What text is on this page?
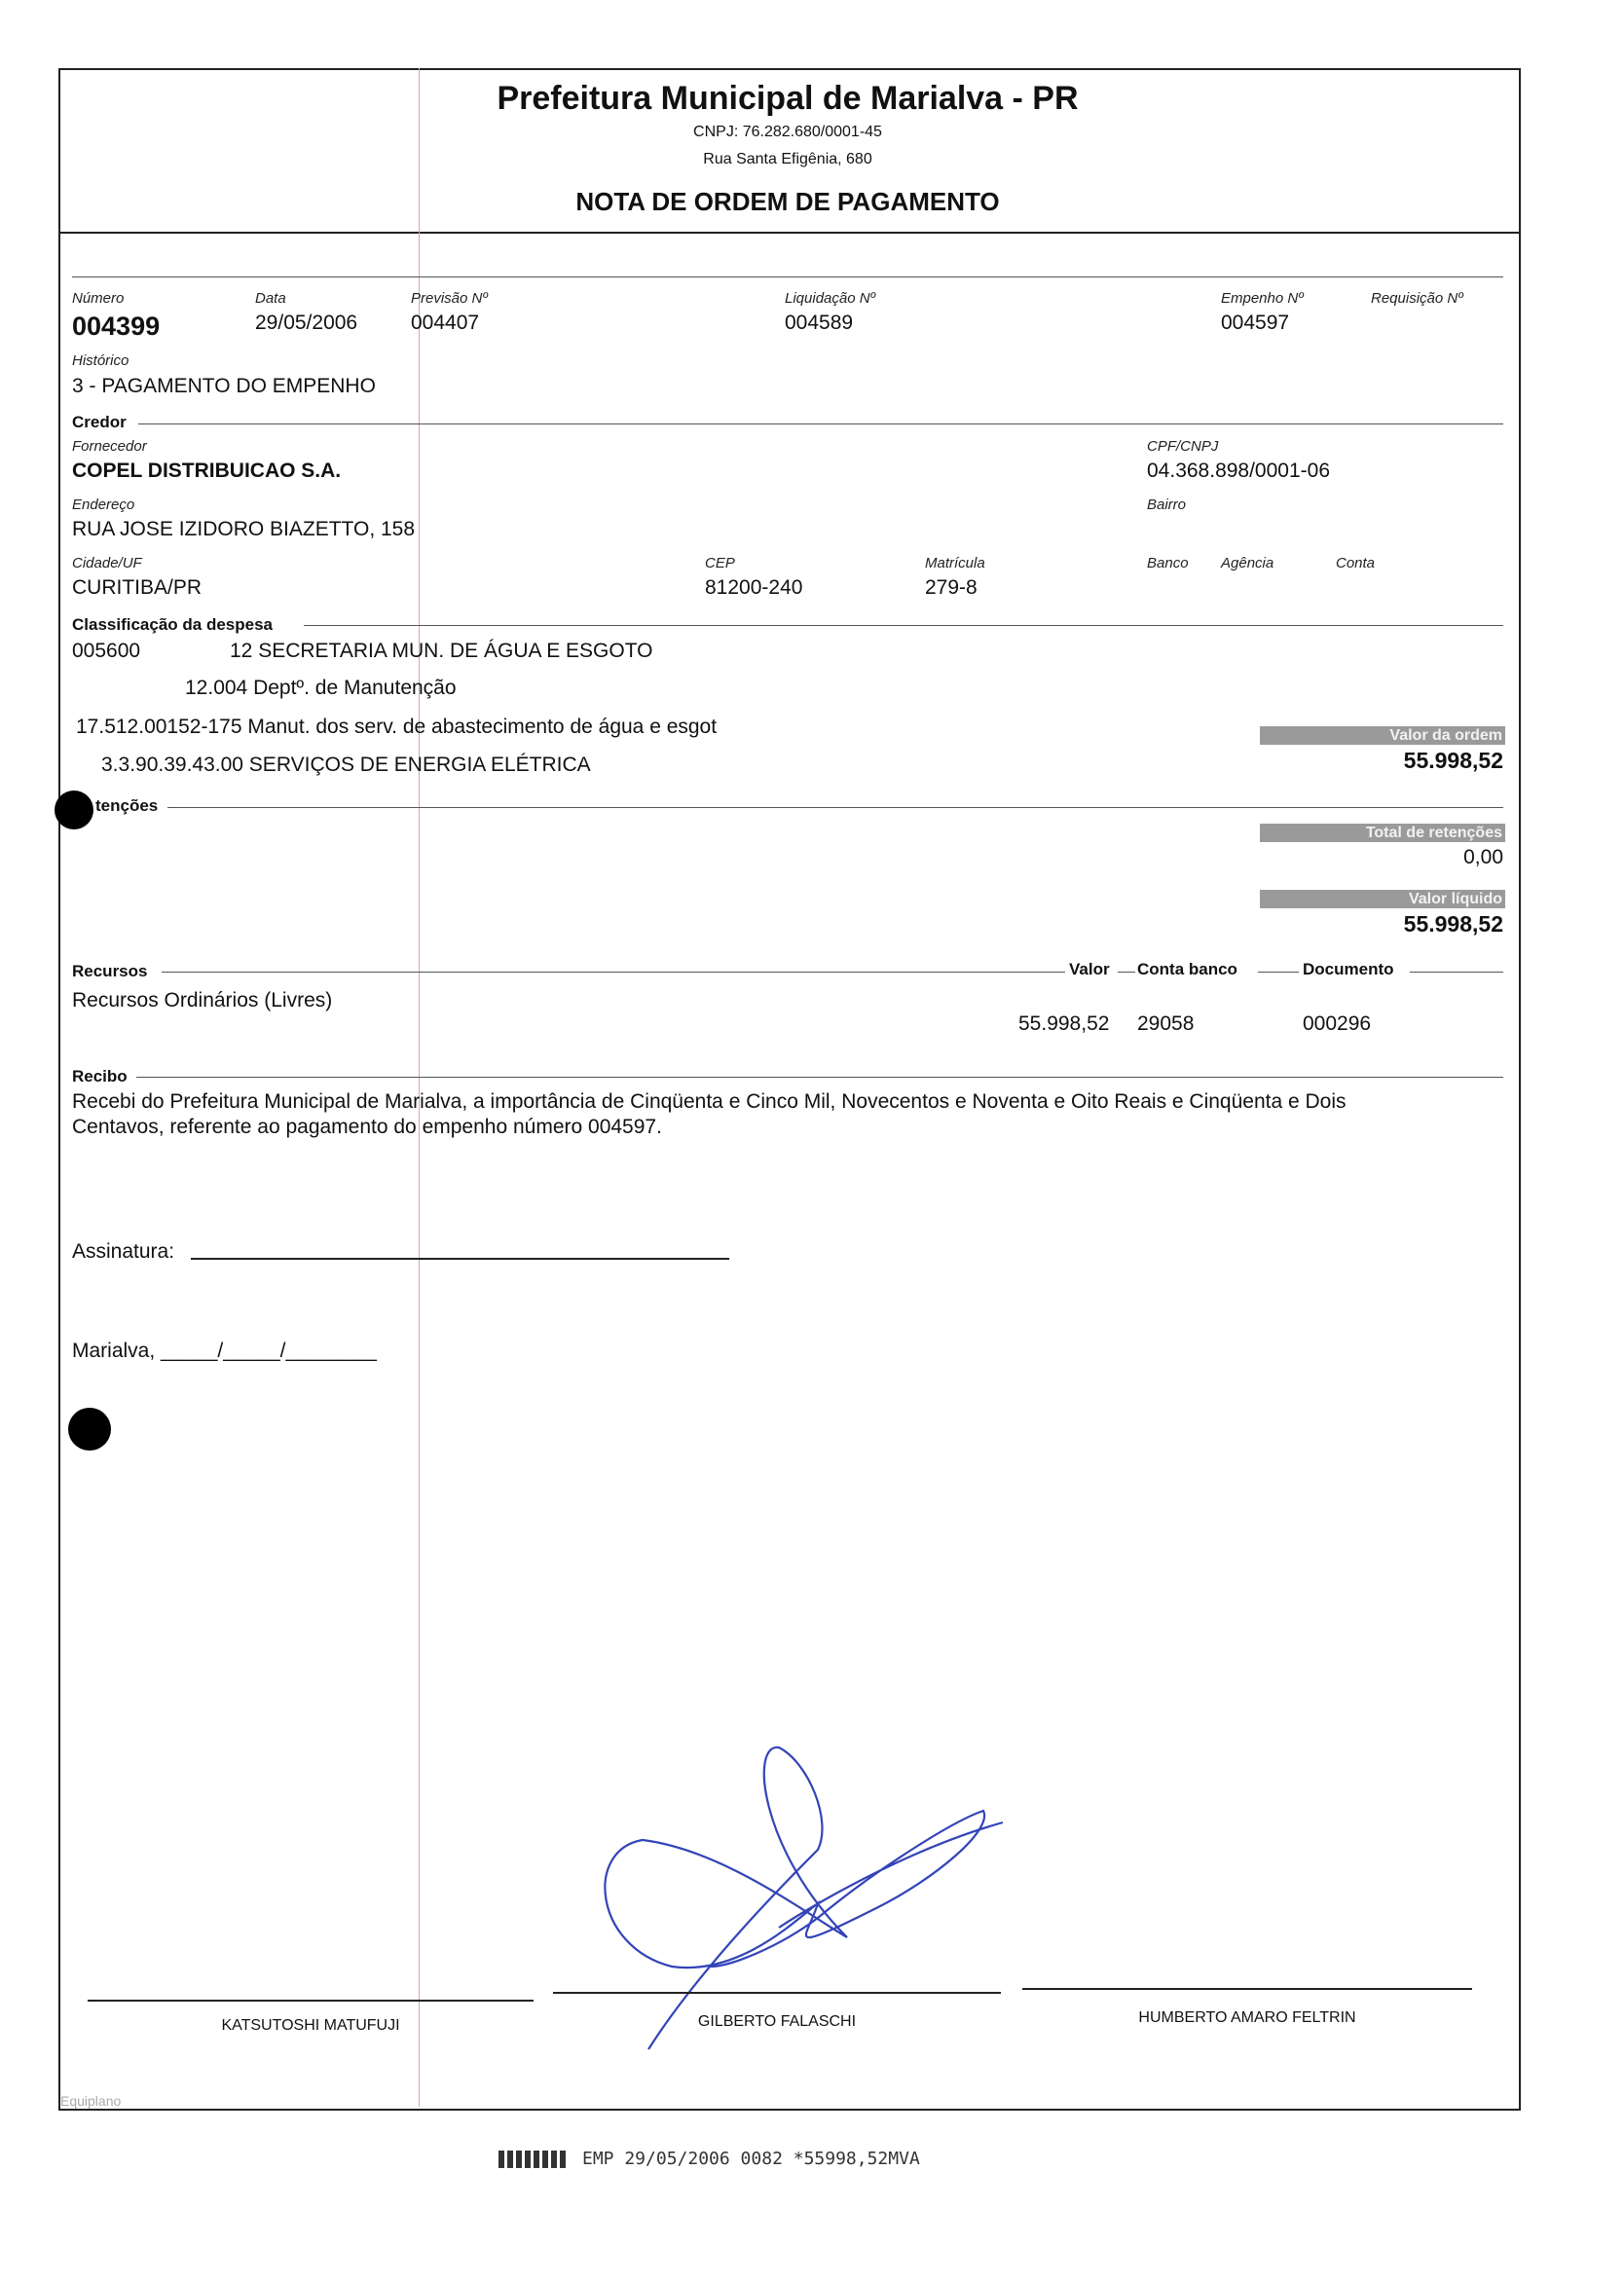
Prefeitura Municipal de Marialva - PR
CNPJ: 76.282.680/0001-45
Rua Santa Efigênia, 680
NOTA DE ORDEM DE PAGAMENTO
Número
004399
Data
29/05/2006
Previsão Nº
004407
Liquidação Nº
004589
Empenho Nº
004597
Requisição Nº
Histórico
3 - PAGAMENTO DO EMPENHO
Credor
Fornecedor
COPEL DISTRIBUICAO S.A.
CPF/CNPJ
04.368.898/0001-06
Endereço
RUA JOSE IZIDORO BIAZETTO, 158
Bairro
Cidade/UF
CURITIBA/PR
CEP
81200-240
Matrícula
279-8
Banco Agência	Conta
Classificação da despesa
005600	12 SECRETARIA MUN. DE ÁGUA E ESGOTO
12.004 Deptº. de Manutenção
17.512.00152-175 Manut. dos serv. de abastecimento de água e esgot
3.3.90.39.43.00 SERVIÇOS DE ENERGIA ELÉTRICA
Valor da ordem
55.998,52
tenções
Total de retenções
0,00
Valor líquido
55.998,52
Recursos	Valor Conta banco	Documento
Recursos Ordinários (Livres)
55.998,52 29058	000296
Recibo
Recebi do Prefeitura Municipal de Marialva, a importância de Cinqüenta e Cinco Mil, Novecentos e Noventa e Oito Reais e Cinqüenta e Dois
Centavos, referente ao pagamento do empenho número 004597.
Assinatura:
Marialva, _____/_____/________
KATSUTOSHI MATUFUJI	GILBERTO FALASCHI	HUMBERTO AMARO FELTRIN
Equiplano
EMP 29/05/2006 0082 *55998,52MVA
